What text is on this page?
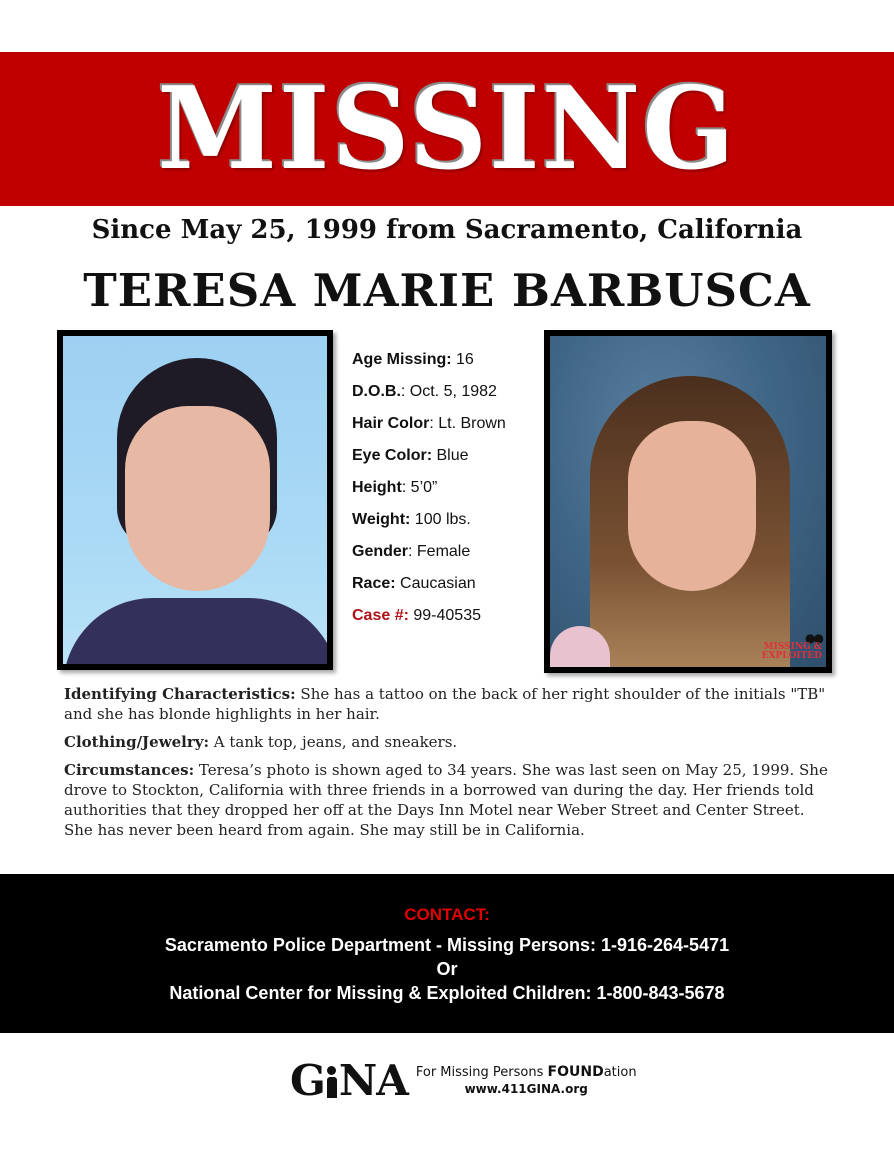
MISSING
Since May 25, 1999 from Sacramento, California
TERESA MARIE BARBUSCA
●●
MISSING &
EXPLOITED
Age Missing: 16
D.O.B.: Oct. 5, 1982
Hair Color: Lt. Brown
Eye Color: Blue
Height: 5’0”
Weight: 100 lbs.
Gender: Female
Race: Caucasian
Case #: 99-40535

Identifying Characteristics: She has a tattoo on the back of her right shoulder of the initials "TB" and she has blonde highlights in her hair.

Clothing/Jewelry: A tank top, jeans, and sneakers.

Circumstances: Teresa’s photo is shown aged to 34 years. She was last seen on May 25, 1999. She drove to Stockton, California with three friends in a borrowed van during the day. Her friends told authorities that they dropped her off at the Days Inn Motel near Weber Street and Center Street. She has never been heard from again. She may still be in California.

CONTACT:
Sacramento Police Department - Missing Persons: 1-916-264-5471
Or
National Center for Missing & Exploited Children: 1-800-843-5678
G NA For Missing Persons FOUNDation
www.411GINA.org
